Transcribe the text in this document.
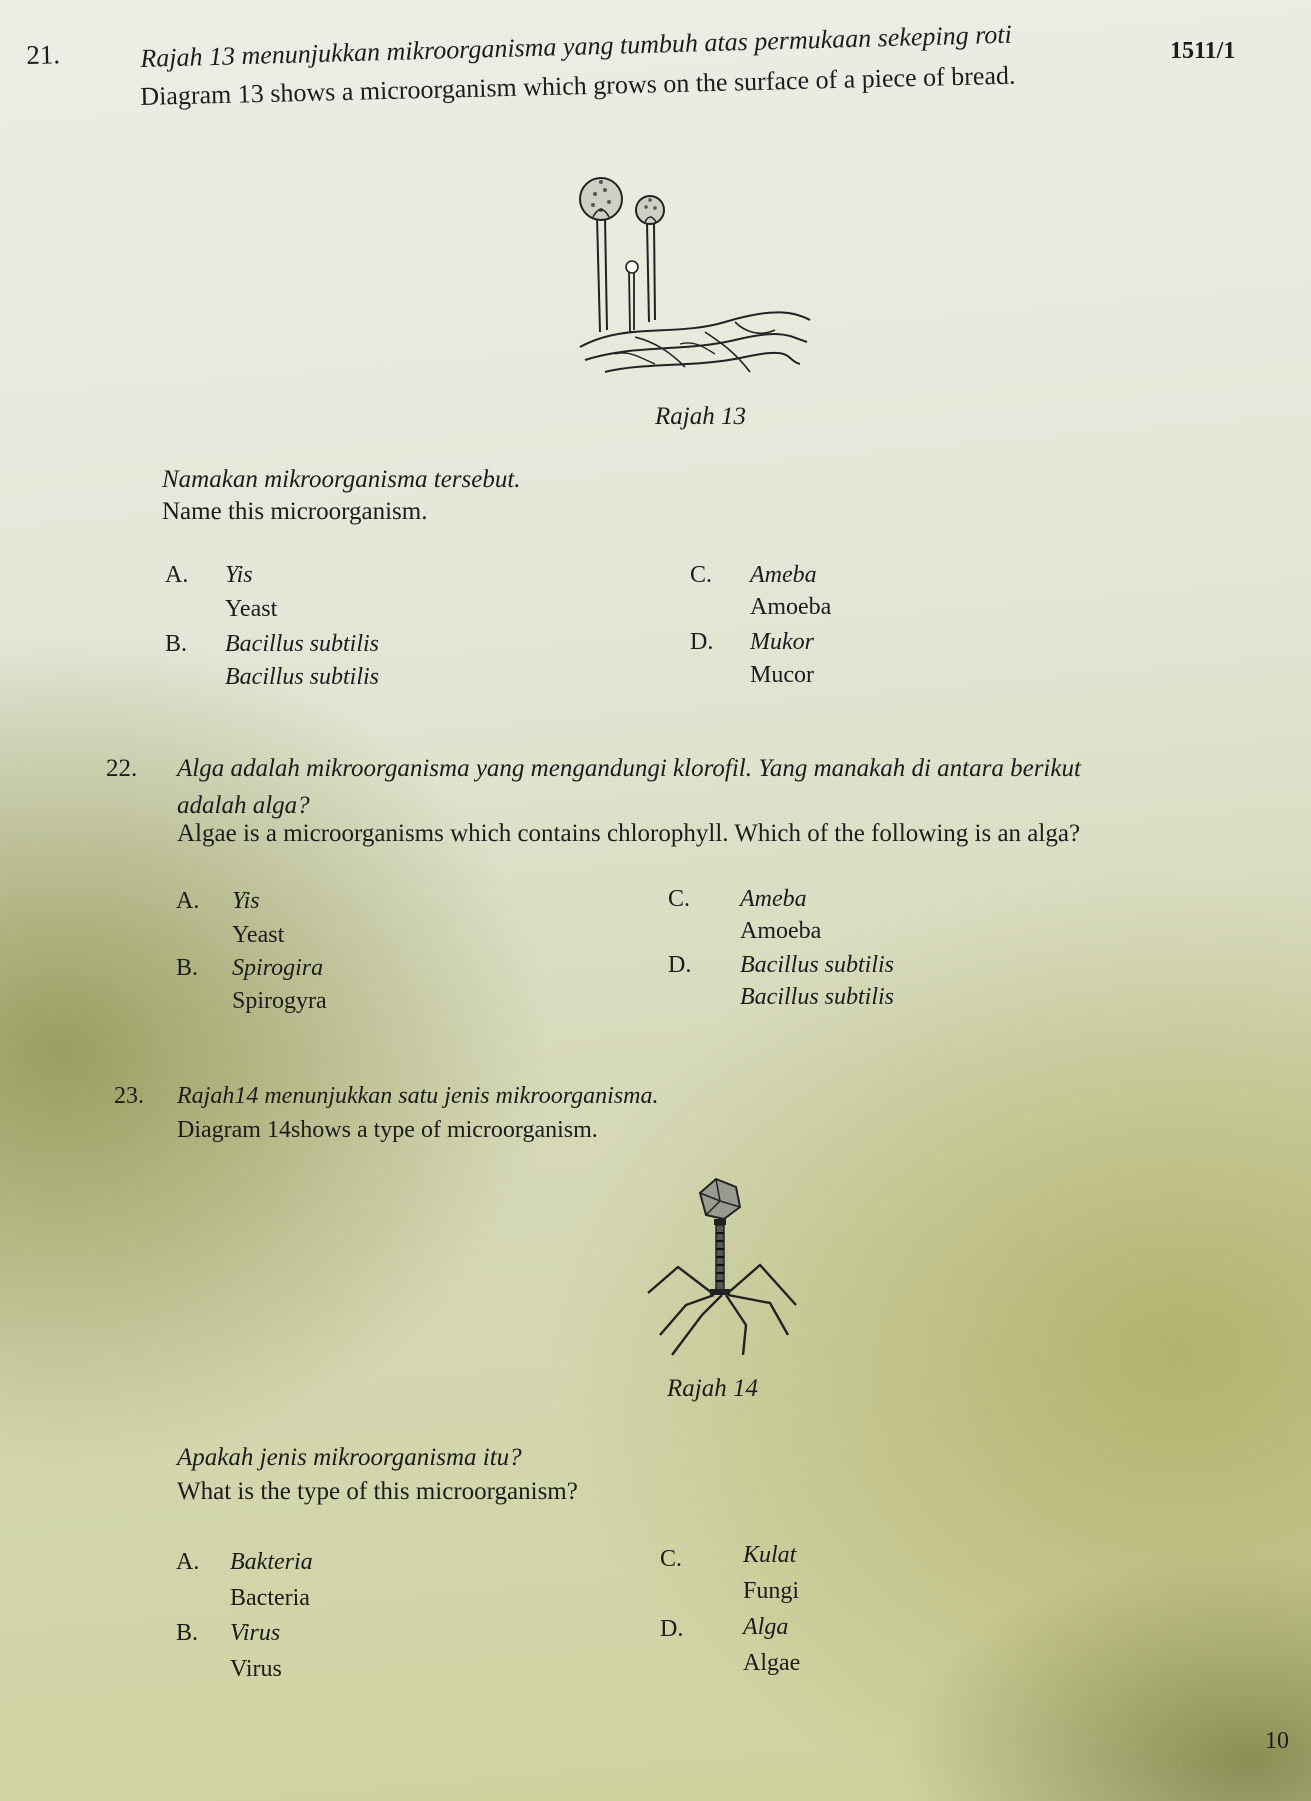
1511/1
21.	Rajah 13 menunjukkan mikroorganisma yang tumbuh atas permukaan sekeping roti
Diagram 13 shows a microorganism which grows on the surface of a piece of bread.
Rajah 13
Namakan mikroorganisma tersebut.
Name this microorganism.
A. Yis
Yeast
B. Bacillus subtilis
Bacillus subtilis
C. Ameba
Amoeba
D. Mukor
Mucor
22. Alga adalah mikroorganisma yang mengandungi klorofil. Yang manakah di antara berikut
adalah alga?
Algae is a microorganisms which contains chlorophyll. Which of the following is an alga?
A. Yis
Yeast
B. Spirogira
Spirogyra
C. Ameba
Amoeba
D. Bacillus subtilis
Bacillus subtilis
23. Rajah14 menunjukkan satu jenis mikroorganisma.
Diagram 14shows a type of microorganism.
Rajah 14
Apakah jenis mikroorganisma itu?
What is the type of this microorganism?
A. Bakteria
Bacteria
B. Virus
Virus
C.	Kulat
Fungi
D. Alga
Algae
10
